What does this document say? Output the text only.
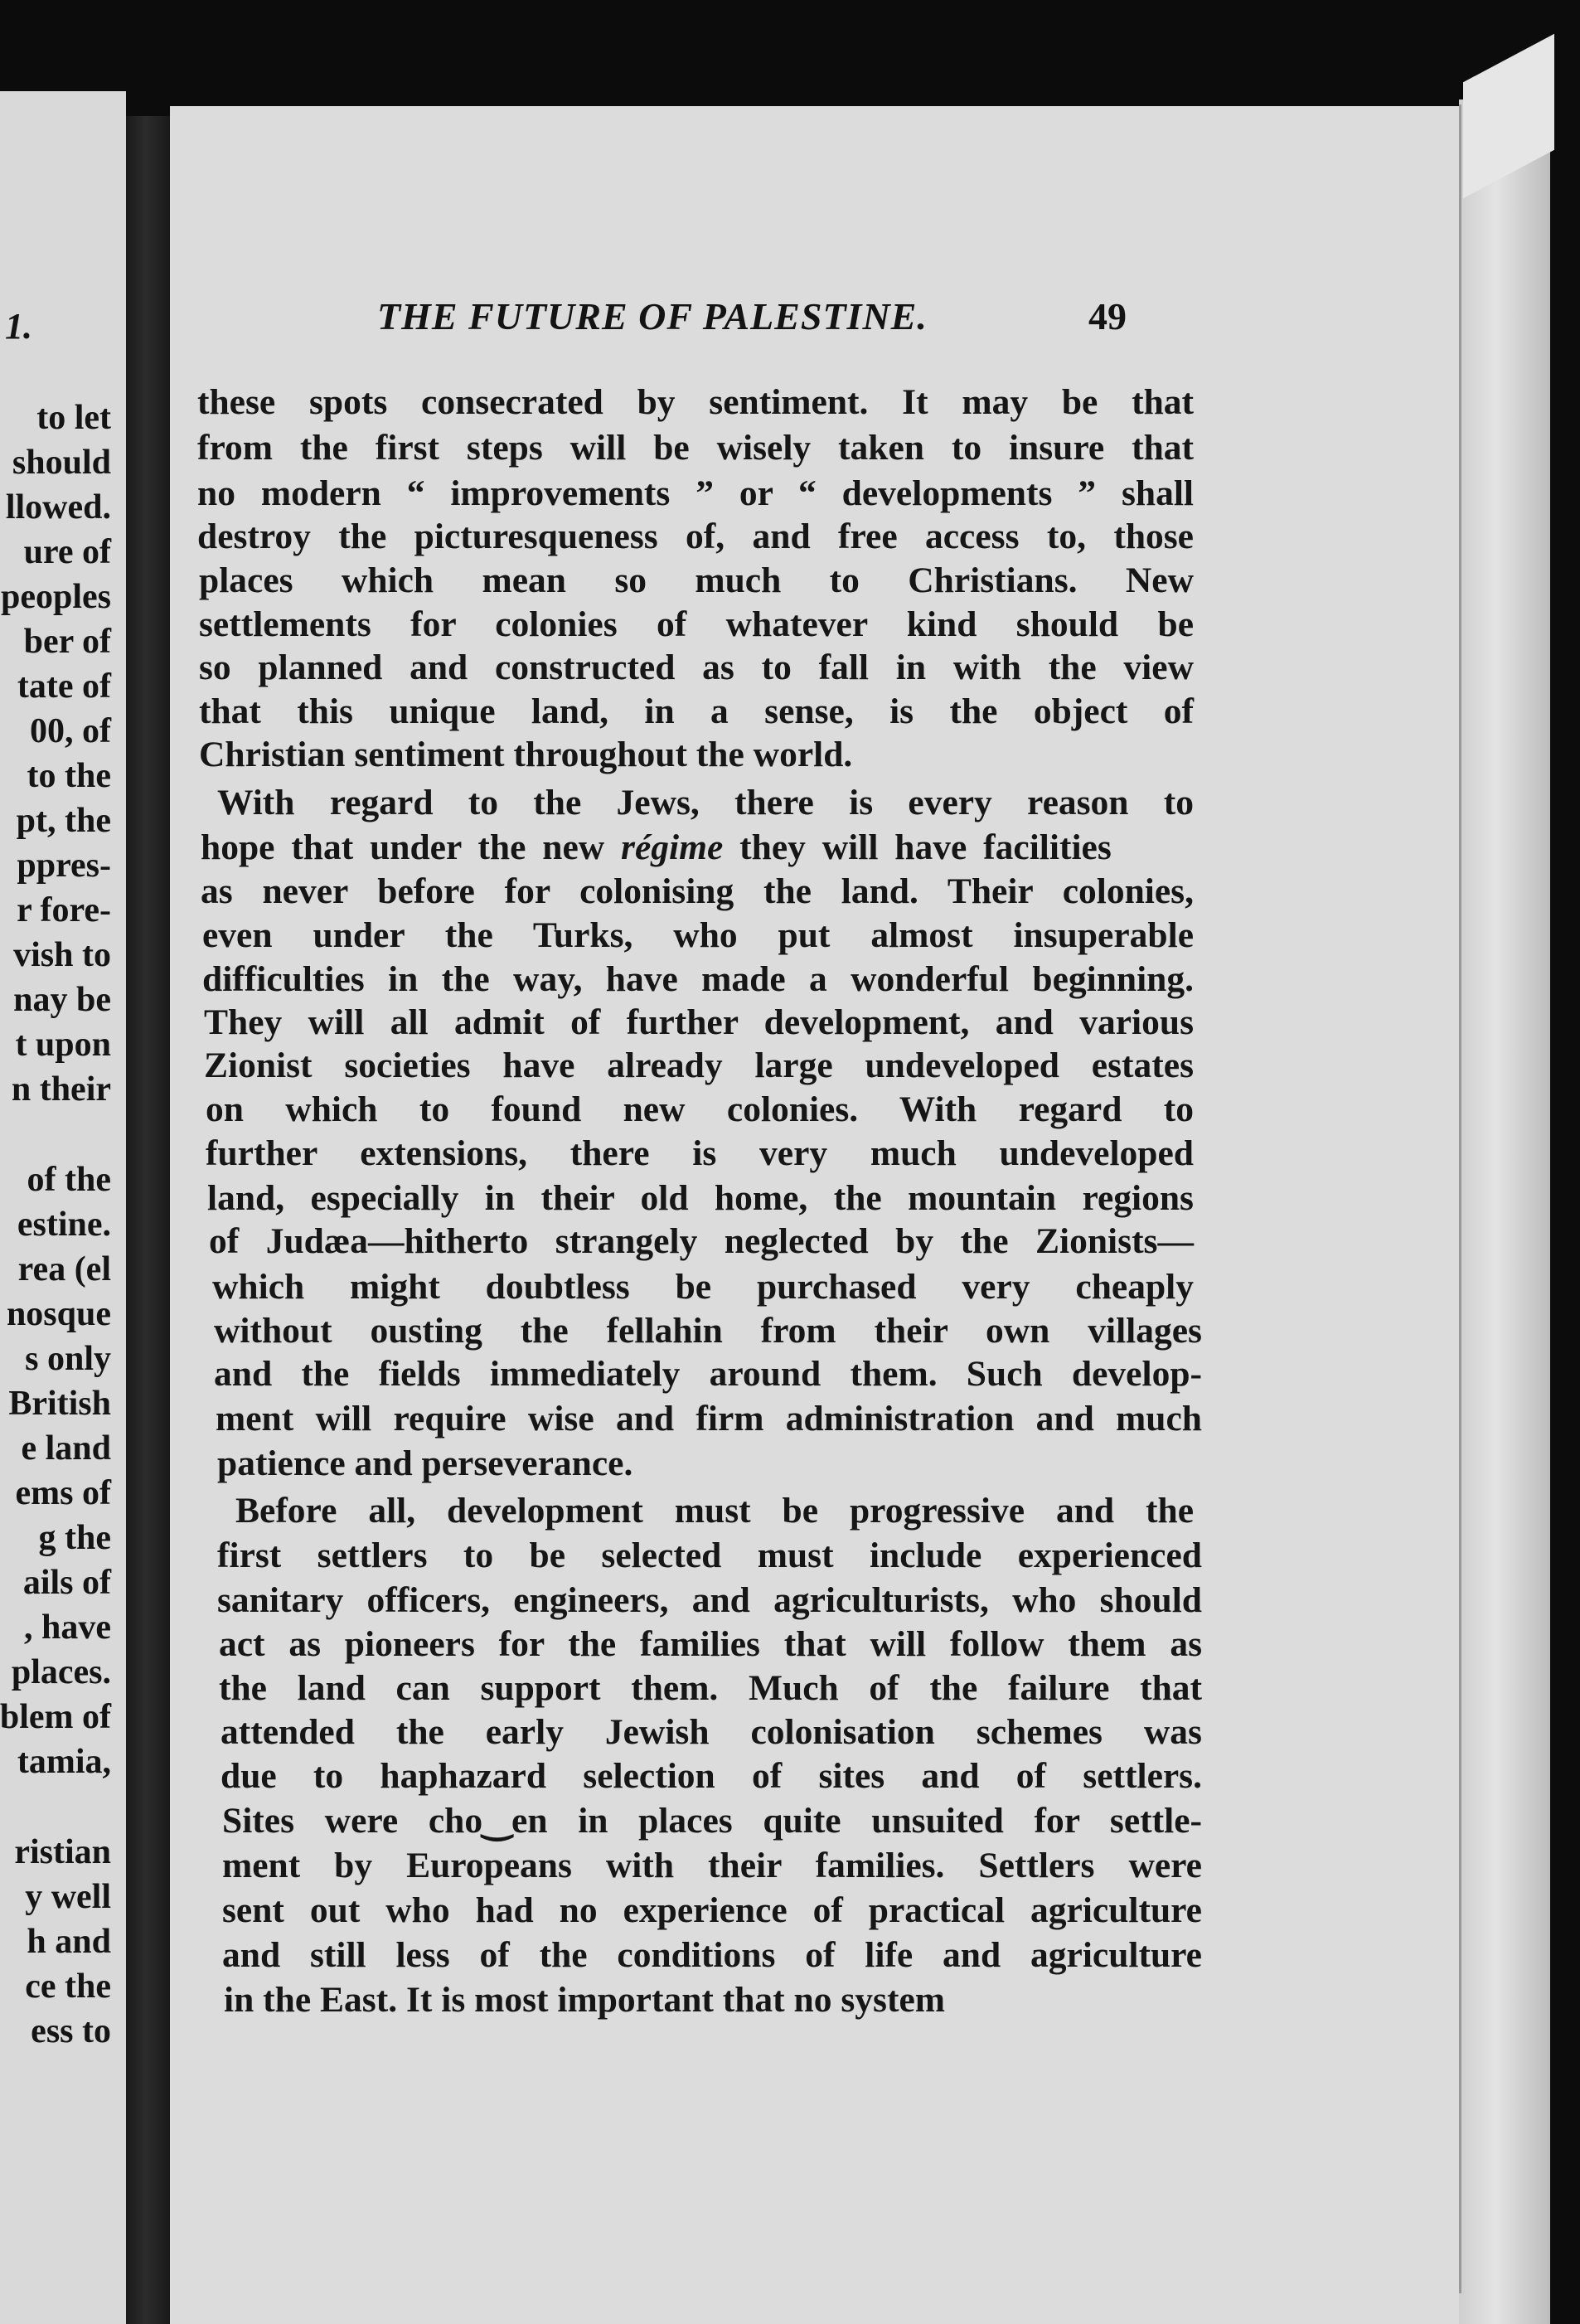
1.
to let
should
llowed.
ure of
peoples
ber of
tate of
00, of
to the
pt, the
ppres-
r fore-
vish to
nay be
t upon
n their
of the
estine.
rea (el
nosque
s only
British
e land
ems of
g the
ails of
, have
places.
blem of
tamia,
ristian
y well
h and
ce the
ess to
THE FUTURE OF PALESTINE.	49
these spots consecrated by sentiment. It may be that
from the first steps will be wisely taken to insure that
no modern “ improvements ” or “ developments ” shall
destroy the picturesqueness of, and free access to, those
places which mean so much to Christians. New
settlements for colonies of whatever kind should be
so planned and constructed as to fall in with the view
that this unique land, in a sense, is the object of
Christian sentiment throughout the world.
With regard to the Jews, there is every reason to
hope that under the new régime they will have facilities
as never before for colonising the land. Their colonies,
even under the Turks, who put almost insuperable
difficulties in the way, have made a wonderful beginning.
They will all admit of further development, and various
Zionist societies have already large undeveloped estates
on which to found new colonies. With regard to
further extensions, there is very much undeveloped
land, especially in their old home, the mountain regions
of Judæa—hitherto strangely neglected by the Zionists—
which might doubtless be purchased very cheaply
without ousting the fellahin from their own villages
and the fields immediately around them. Such develop-
ment will require wise and firm administration and much
patience and perseverance.
Before all, development must be progressive and the
first settlers to be selected must include experienced
sanitary officers, engineers, and agriculturists, who should
act as pioneers for the families that will follow them as
the land can support them. Much of the failure that
attended the early Jewish colonisation schemes was
due to haphazard selection of sites and of settlers.
Sites were cho‿en in places quite unsuited for settle-
ment by Europeans with their families. Settlers were
sent out who had no experience of practical agriculture
and still less of the conditions of life and agriculture
in the East. It is most important that no system
